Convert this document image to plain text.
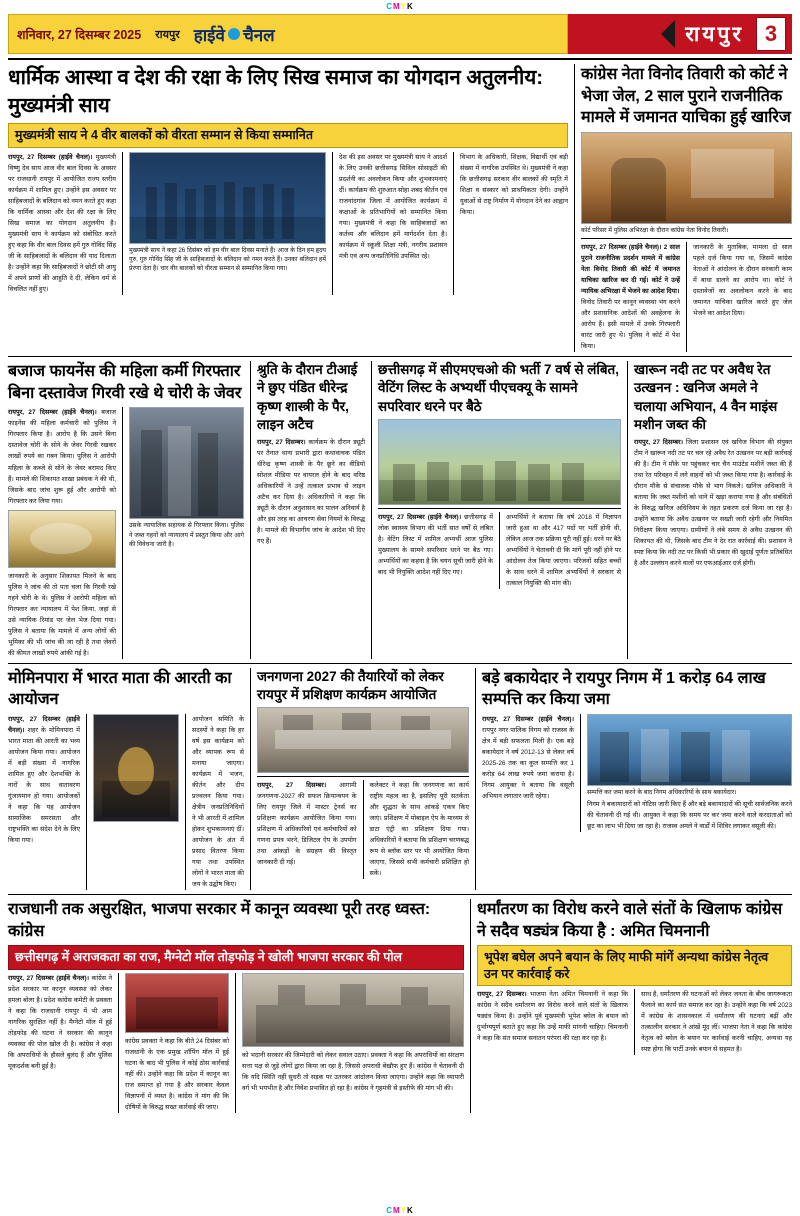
CMYK
शनिवार, 27 दिसम्बर 2025 रायपुर हाईवे चैनल	रायपुर 3
धार्मिक आस्था व देश की रक्षा के लिए सिख समाज का योगदान अतुलनीय: मुख्यमंत्री साय
मुख्यमंत्री साय ने 4 वीर बालकों को वीरता सम्मान से किया सम्मानित
रायपुर, 27 दिसम्बर (हाईवे चैनल)। मुख्यमंत्री विष्णु देव साय आज वीर बाल दिवस के अवसर पर राजधानी रायपुर में आयोजित राज्य स्तरीय कार्यक्रम में शामिल हुए। उन्होंने इस अवसर पर साहिबजादों के बलिदान को नमन करते हुए कहा कि धार्मिक आस्था और देश की रक्षा के लिए सिख समाज का योगदान अतुलनीय है। मुख्यमंत्री साय ने कार्यक्रम को संबोधित करते हुए कहा कि वीर बाल दिवस हमें गुरु गोविंद सिंह जी के साहिबजादों के बलिदान की याद दिलाता है। उन्होंने कहा कि साहिबजादों ने छोटी सी आयु में अपने प्राणों की आहुति दे दी, लेकिन धर्म से विचलित नहीं हुए।
मुख्यमंत्री साय ने कहा 26 दिसंबर को हम वीर बाल दिवस मनाते हैं। आज के दिन हम हृदय गुरु, गुरु गोविंद सिंह जी के साहिबजादों के बलिदान को नमन करते हैं। उनका बलिदान हमें प्रेरणा देता है। चार वीर बालकों को वीरता सम्मान से सम्मानित किया गया।
देश की इस अवसर पर मुख्यमंत्री साय ने आदर्श के लिए उनकी छत्तीसगढ़ सिविल सोसाइटी की प्रदर्शनी का अवलोकन किया और शुभकामनाएं दीं। कार्यक्रम की शुरुआत सोहा शबद कीर्तन एवं राजनांदगांव जिला में आयोजित कार्यक्रम में कक्षाओं के प्रतिभागियों को सम्मानित किया गया। मुख्यमंत्री ने कहा कि साहिबजादों का कर्तव्य और बलिदान हमें मार्गदर्शन देता है। कार्यक्रम में स्कूली शिक्षा मंत्री, नगरीय प्रशासन मंत्री एवं अन्य जनप्रतिनिधि उपस्थित रहे।
विभाग के अधिकारी, शिक्षक, विद्यार्थी एवं बड़ी संख्या में नागरिक उपस्थित थे। मुख्यमंत्री ने कहा कि छत्तीसगढ़ सरकार वीर बालकों की स्मृति में शिक्षा व संस्कार को प्राथमिकता देगी। उन्होंने युवाओं से राष्ट्र निर्माण में योगदान देने का आह्वान किया।
कांग्रेस नेता विनोद तिवारी को कोर्ट ने भेजा जेल, 2 साल पुराने राजनीतिक मामले में जमानत याचिका हुई खारिज
कोर्ट परिसर में पुलिस अभिरक्षा के दौरान कांग्रेस नेता विनोद तिवारी।
रायपुर, 27 दिसम्बर (हाईवे चैनल)। 2 साल पुराने राजनीतिक प्रदर्शन मामले में कांग्रेस नेता विनोद तिवारी की कोर्ट में जमानत याचिका खारिज कर दी गई। कोर्ट ने उन्हें न्यायिक अभिरक्षा में भेजने का आदेश दिया।
विनोद तिवारी पर कानून व्यवस्था भंग करने और प्रशासनिक आदेशों की अवहेलना के आरोप हैं। इसी मामले में उनके गिरफ्तारी वारंट जारी हुए थे। पुलिस ने कोर्ट में पेश किया।
जानकारी के मुताबिक, मामला दो साल पहले दर्ज किया गया था, जिसमें कांग्रेस नेताओं ने आंदोलन के दौरान सरकारी काम में बाधा डालने का आरोप था। कोर्ट ने दस्तावेजों का अवलोकन करने के बाद जमानत याचिका खारिज करते हुए जेल भेजने का आदेश दिया।
बजाज फायनेंस की महिला कर्मी गिरफ्तार बिना दस्तावेज गिरवी रखे थे चोरी के जेवर
रायपुर, 27 दिसम्बर (हाईवे चैनल)। बजाज फाइनेंस की महिला कर्मचारी को पुलिस ने गिरफ्तार किया है। आरोप है कि उसने बिना दस्तावेज चोरी के सोने के जेवर गिरवी रखकर लाखों रुपये का गबन किया। पुलिस ने आरोपी महिला के कब्जे से सोने के जेवर बरामद किए हैं। मामले की शिकायत शाखा प्रबंधक ने की थी, जिसके बाद जांच शुरू हुई और आरोपी को गिरफ्तार कर लिया गया।
जानकारी के अनुसार शिकायत मिलने के बाद पुलिस ने जांच की तो पता चला कि गिरवी रखे गहने चोरी के थे। पुलिस ने आरोपी महिला को गिरफ्तार कर न्यायालय में पेश किया, जहां से उसे न्यायिक रिमांड पर जेल भेज दिया गया। पुलिस ने बताया कि मामले में अन्य लोगों की भूमिका की भी जांच की जा रही है तथा जेवरों की कीमत लाखों रुपये आंकी गई है।
उसके न्यायालिक सहायक से गिरफ्तार किया। पुलिस ने जब्त गहनों को न्यायालय में प्रस्तुत किया और आगे की विवेचना जारी है।
श्रुति के दौरान टीआई ने छुए पंडित धीरेन्द्र कृष्ण शास्त्री के पैर, लाइन अटैच
रायपुर, 27 दिसम्बर। कार्यक्रम के दौरान ड्यूटी पर तैनात थाना प्रभारी द्वारा कथावाचक पंडित धीरेन्द्र कृष्ण शास्त्री के पैर छूने का वीडियो सोशल मीडिया पर वायरल होने के बाद वरिष्ठ अधिकारियों ने उन्हें तत्काल प्रभाव से लाइन अटैच कर दिया है। अधिकारियों ने कहा कि ड्यूटी के दौरान अनुशासन का पालन अनिवार्य है और इस तरह का आचरण सेवा नियमों के विरुद्ध है। मामले की विभागीय जांच के आदेश भी दिए गए हैं।
छत्तीसगढ़ में सीएमएचओ की भर्ती 7 वर्ष से लंबित, वेटिंग लिस्ट के अभ्यर्थी पीएचक्यू के सामने सपरिवार धरने पर बैठे
रायपुर, 27 दिसम्बर (हाईवे चैनल)। छत्तीसगढ़ में लोक स्वास्थ्य विभाग की भर्ती सात वर्षों से लंबित है। वेटिंग लिस्ट में शामिल अभ्यर्थी आज पुलिस मुख्यालय के सामने सपरिवार धरने पर बैठ गए। अभ्यर्थियों का कहना है कि चयन सूची जारी होने के बाद भी नियुक्ति आदेश नहीं दिए गए।
अभ्यर्थियों ने बताया कि वर्ष 2018 में विज्ञापन जारी हुआ था और 417 पदों पर भर्ती होनी थी, लेकिन आज तक प्रक्रिया पूरी नहीं हुई। धरने पर बैठे अभ्यर्थियों ने चेतावनी दी कि मांगें पूरी नहीं होने पर आंदोलन तेज किया जाएगा। परिजनों सहित बच्चों के साथ धरने में शामिल अभ्यर्थियों ने सरकार से तत्काल नियुक्ति की मांग की।
खारून नदी तट पर अवैध रेत उत्खनन : खनिज अमले ने चलाया अभियान, 4 वैन माइंस मशीन जब्त की
रायपुर, 27 दिसम्बर। जिला प्रशासन एवं खनिज विभाग की संयुक्त टीम ने खारून नदी तट पर चल रहे अवैध रेत उत्खनन पर बड़ी कार्रवाई की है। टीम ने मौके पर पहुंचकर चार चैन माउंटेड मशीनें जब्त की हैं तथा रेत परिवहन में लगे वाहनों को भी जब्त किया गया है। कार्रवाई के दौरान मौके से संचालक मौके से भाग निकले। खनिज अधिकारी ने बताया कि जब्त मशीनों को थाने में खड़ा कराया गया है और संबंधितों के विरुद्ध खनिज अधिनियम के तहत प्रकरण दर्ज किया जा रहा है। उन्होंने बताया कि अवैध उत्खनन पर सख्ती जारी रहेगी और नियमित निरीक्षण किया जाएगा। ग्रामीणों ने लंबे समय से अवैध उत्खनन की शिकायत की थी, जिसके बाद टीम ने देर रात कार्रवाई की। प्रशासन ने स्पष्ट किया कि नदी तट पर किसी भी प्रकार की खुदाई पूर्णतः प्रतिबंधित है और उल्लंघन करने वालों पर एफआईआर दर्ज होगी।
मोमिनपारा में भारत माता की आरती का आयोजन
रायपुर, 27 दिसम्बर (हाईवे चैनल)। शहर के मोमिनपारा में भारत माता की आरती का भव्य आयोजन किया गया। आयोजन में बड़ी संख्या में नागरिक शामिल हुए और देशभक्ति के नारों के साथ वातावरण गुंजायमान हो गया। आयोजकों ने कहा कि यह आयोजन सामाजिक समरसता और राष्ट्रभक्ति का संदेश देने के लिए किया गया।
आयोजन समिति के सदस्यों ने कहा कि हर वर्ष इस कार्यक्रम को और व्यापक रूप से मनाया जाएगा। कार्यक्रम में भजन, कीर्तन और दीप प्रज्वलन किया गया। क्षेत्रीय जनप्रतिनिधियों ने भी आरती में शामिल होकर शुभकामनाएं दीं। आयोजन के अंत में प्रसाद वितरण किया गया तथा उपस्थित लोगों ने भारत माता की जय के उद्घोष किए।
जनगणना 2027 की तैयारियों को लेकर रायपुर में प्रशिक्षण कार्यक्रम आयोजित
रायपुर, 27 दिसम्बर। आगामी जनगणना-2027 की सफल क्रियान्वयन के लिए रायपुर जिले में मास्टर ट्रेनर्स का प्रशिक्षण कार्यक्रम आयोजित किया गया। प्रशिक्षण में अधिकारियों एवं कर्मचारियों को गणना प्रपत्र भरने, डिजिटल ऐप के उपयोग तथा आंकड़ों के संग्रहण की विस्तृत जानकारी दी गई।
कलेक्टर ने कहा कि जनगणना का कार्य राष्ट्रीय महत्व का है, इसलिए पूरी सतर्कता और शुद्धता के साथ आंकड़े एकत्र किए जाएं। प्रशिक्षण में मोबाइल ऐप के माध्यम से डाटा एंट्री का प्रशिक्षण दिया गया। अधिकारियों ने बताया कि प्रशिक्षण चरणबद्ध रूप से ब्लॉक स्तर पर भी आयोजित किया जाएगा, जिससे सभी कर्मचारी प्रशिक्षित हो सकें।
बड़े बकायेदार ने रायपुर निगम में 1 करोड़ 64 लाख सम्पत्ति कर किया जमा
रायपुर, 27 दिसम्बर (हाईवे चैनल)। रायपुर नगर पालिक निगम को राजस्व के क्षेत्र में बड़ी सफलता मिली है। एक बड़े बकायेदार ने वर्ष 2012-13 से लेकर वर्ष 2025-26 तक का कुल सम्पत्ति कर 1 करोड़ 64 लाख रुपये जमा कराया है। निगम आयुक्त ने बताया कि वसूली अभियान लगातार जारी रहेगा।
सम्पत्ति कर जमा करने के बाद निगम अधिकारियों के साथ बकायेदार।
निगम ने बकायादारों को नोटिस जारी किए हैं और बड़े बकायादारों की सूची सार्वजनिक करने की चेतावनी दी गई थी। आयुक्त ने कहा कि समय पर कर जमा करने वाले करदाताओं को छूट का लाभ भी दिया जा रहा है। राजस्व अमले ने वार्डों में शिविर लगाकर वसूली की।
राजधानी तक असुरक्षित, भाजपा सरकार में कानून व्यवस्था पूरी तरह ध्वस्त: कांग्रेस
छत्तीसगढ़ में अराजकता का राज, मैग्नेटो मॉल तोड़फोड़ ने खोली भाजपा सरकार की पोल
रायपुर, 27 दिसम्बर (हाईवे चैनल)। कांग्रेस ने प्रदेश सरकार पर कानून व्यवस्था को लेकर हमला बोला है। प्रदेश कांग्रेस कमेटी के प्रवक्ता ने कहा कि राजधानी रायपुर में भी आम नागरिक सुरक्षित नहीं है। मैग्नेटो मॉल में हुई तोड़फोड़ की घटना ने सरकार की कानून व्यवस्था की पोल खोल दी है। कांग्रेस ने कहा कि अपराधियों के हौसले बुलंद हैं और पुलिस मूकदर्शक बनी हुई है।
कांग्रेस प्रवक्ता ने कहा कि बीते 24 दिसंबर को राजधानी के एक प्रमुख शॉपिंग मॉल में हुई घटना के बाद भी पुलिस ने कोई ठोस कार्रवाई नहीं की। उन्होंने कहा कि प्रदेश में कानून का राज समाप्त हो गया है और सरकार केवल विज्ञापनों में व्यस्त है। कांग्रेस ने मांग की कि दोषियों के विरुद्ध सख्त कार्रवाई की जाए।
को भदानी सरकार की जिम्मेदारी को लेकर सवाल उठाए। प्रवक्ता ने कहा कि अपराधियों का संरक्षण सत्ता पक्ष से जुड़े लोगों द्वारा किया जा रहा है, जिससे अपराधी बेखौफ हुए हैं। कांग्रेस ने चेतावनी दी कि यदि स्थिति नहीं सुधरी तो सड़क पर उतरकर आंदोलन किया जाएगा। उन्होंने कहा कि व्यापारी वर्ग भी भयभीत है और निवेश प्रभावित हो रहा है। कांग्रेस ने गृहमंत्री से इस्तीफे की मांग भी की।
धर्मांतरण का विरोध करने वाले संतों के खिलाफ कांग्रेस ने सदैव षड्यंत्र किया है : अमित चिमनानी
भूपेश बघेल अपने बयान के लिए माफी मांगें अन्यथा कांग्रेस नेतृत्व उन पर कार्रवाई करे
रायपुर, 27 दिसम्बर। भाजपा नेता अमित चिमनानी ने कहा कि कांग्रेस ने सदैव धर्मांतरण का विरोध करने वाले संतों के खिलाफ षड्यंत्र किया है। उन्होंने पूर्व मुख्यमंत्री भूपेश बघेल के बयान को दुर्भाग्यपूर्ण बताते हुए कहा कि उन्हें माफी मांगनी चाहिए। चिमनानी ने कहा कि संत समाज सनातन परंपरा की रक्षा कर रहा है।
साथ है, धर्मांतरण की घटनाओं को लेकर जनता के बीच जागरूकता फैलाने का कार्य संत समाज कर रहा है। उन्होंने कहा कि वर्ष 2023 में कांग्रेस के शासनकाल में धर्मांतरण की घटनाएं बढ़ीं और तत्कालीन सरकार ने आंखें मूंद लीं। भाजपा नेता ने कहा कि कांग्रेस नेतृत्व को बघेल के बयान पर कार्रवाई करनी चाहिए, अन्यथा यह स्पष्ट होगा कि पार्टी उनके बयान से सहमत है।
CMYK
